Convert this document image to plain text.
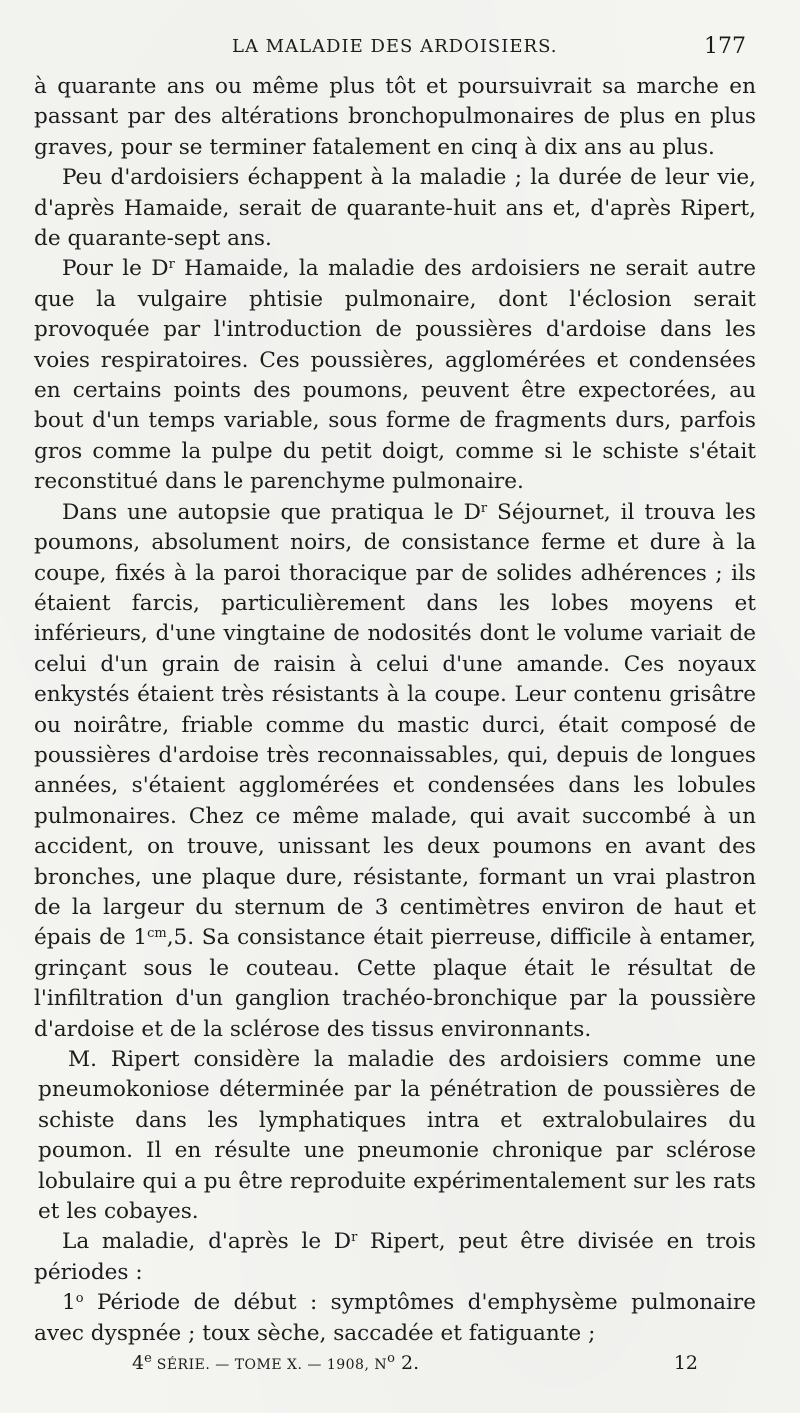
LA MALADIE DES ARDOISIERS.	177

à quarante ans ou même plus tôt et poursuivrait sa marche en passant par des altérations bronchopulmonaires de plus en plus graves, pour se terminer fatalement en cinq à dix ans au plus.

Peu d'ardoisiers échappent à la maladie ; la durée de leur vie, d'après Hamaide, serait de quarante-huit ans et, d'après Ripert, de quarante-sept ans.

Pour le $D^r$ Hamaide, la maladie des ardoisiers ne serait autre que la vulgaire phtisie pulmonaire, dont l'éclosion serait provoquée par l'introduction de poussières d'ardoise dans les voies respiratoires. Ces poussières, agglomérées et condensées en certains points des poumons, peuvent être expectorées, au bout d'un temps variable, sous forme de fragments durs, parfois gros comme la pulpe du petit doigt, comme si le schiste s'était reconstitué dans le parenchyme pulmonaire.

Dans une autopsie que pratiqua le $D^r$ Séjournet, il trouva les poumons, absolument noirs, de consistance ferme et dure à la coupe, fixés à la paroi thoracique par de solides adhérences ; ils étaient farcis, particulièrement dans les lobes moyens et inférieurs, d'une vingtaine de nodosités dont le volume variait de celui d'un grain de raisin à celui d'une amande. Ces noyaux enkystés étaient très résistants à la coupe. Leur contenu grisâtre ou noirâtre, friable comme du mastic durci, était composé de poussières d'ardoise très reconnaissables, qui, depuis de longues années, s'étaient agglomérées et condensées dans les lobules pulmonaires. Chez ce même malade, qui avait succombé à un accident, on trouve, unissant les deux poumons en avant des bronches, une plaque dure, résistante, formant un vrai plastron de la largeur du sternum de 3 centimètres environ de haut et épais de $1^{cm},5$. Sa consistance était pierreuse, difficile à entamer, grinçant sous le couteau. Cette plaque était le résultat de l'infiltration d'un ganglion trachéo-bronchique par la poussière d'ardoise et de la sclérose des tissus environnants.

M. Ripert considère la maladie des ardoisiers comme une pneumokoniose déterminée par la pénétration de poussières de schiste dans les lymphatiques intra et extralobulaires du poumon. Il en résulte une pneumonie chronique par sclérose lobulaire qui a pu être reproduite expérimentalement sur les rats et les cobayes.

La maladie, d'après le $D^r$ Ripert, peut être divisée en trois périodes :

1$^o$ Période de début : symptômes d'emphysème pulmonaire avec dyspnée ; toux sèche, saccadée et fatiguante ;

4e SÉRIE. — TOME X. — 1908, $N^o$ 2.	12
